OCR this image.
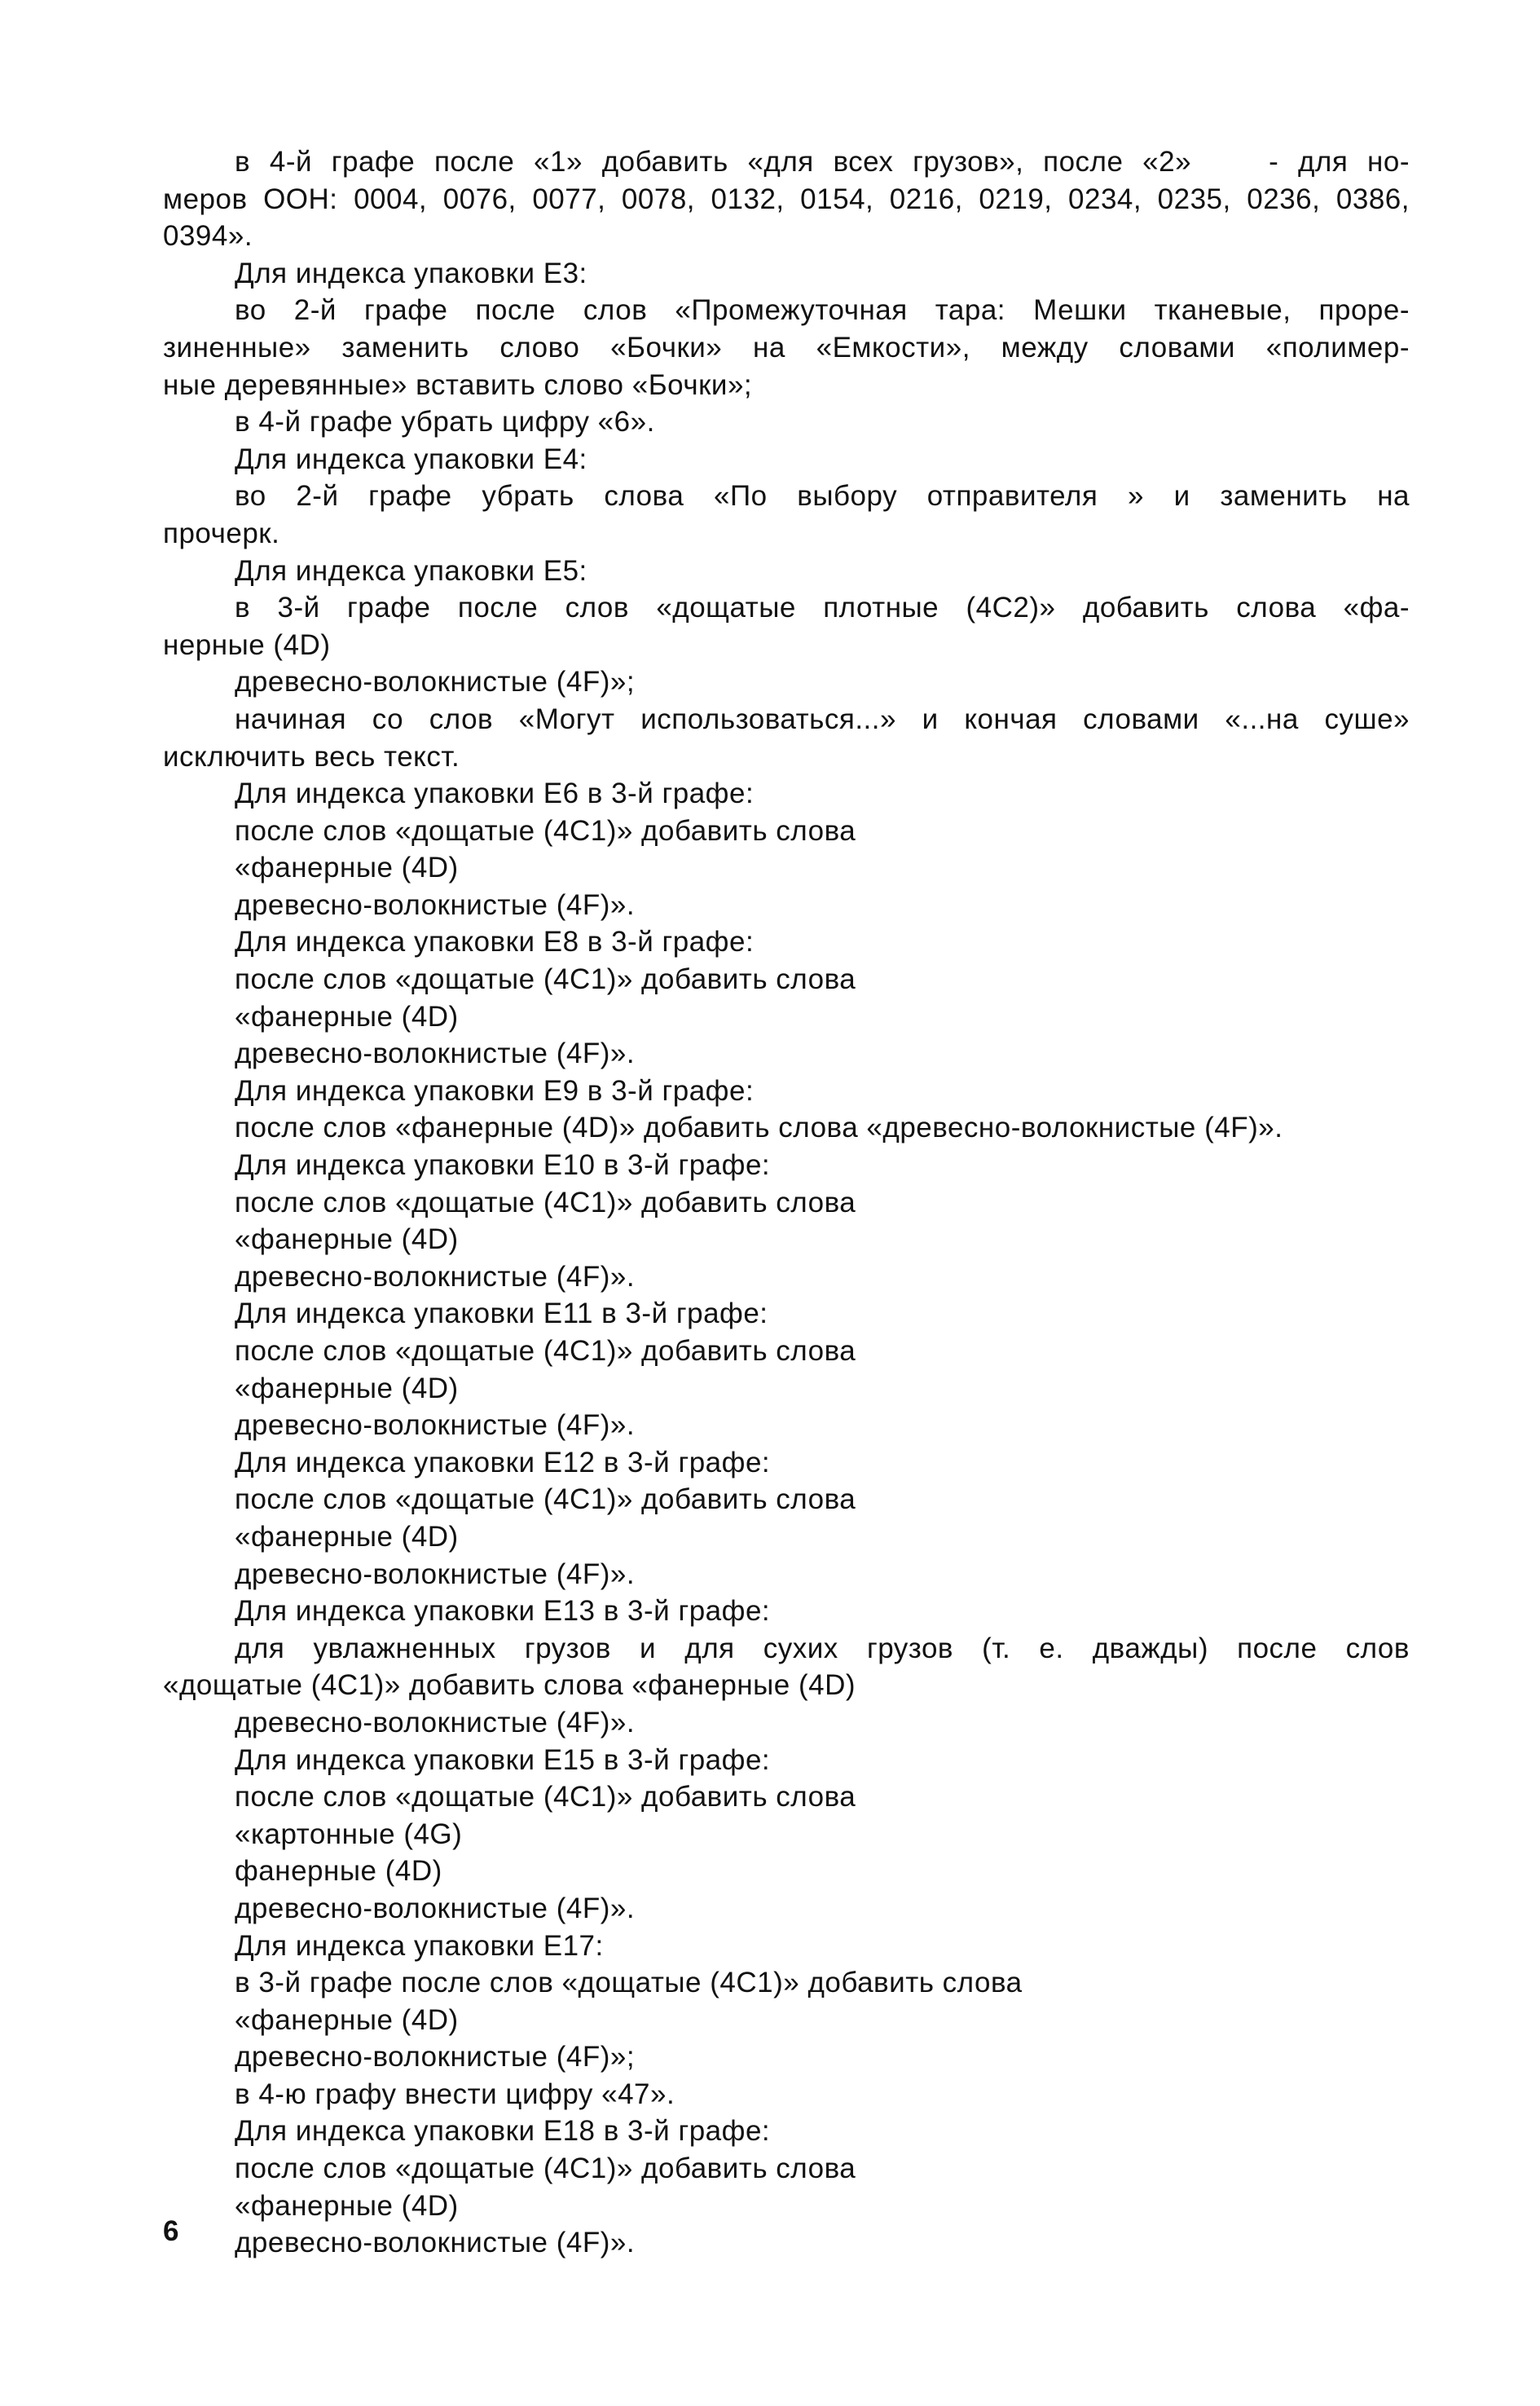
в 4-й графе после «1» добавить «для всех грузов», после «2»    - для но-
меров ООН: 0004, 0076, 0077, 0078, 0132, 0154, 0216, 0219, 0234, 0235, 0236, 0386,
0394».
Для индекса упаковки Е3:
во 2-й графе после слов «Промежуточная тара: Мешки тканевые, прорe-
зиненные» заменить слово «Бочки» на «Емкости», между словами «полимер-
ные деревянные» вставить слово «Бочки»;
в 4-й графе убрать цифру «6».
Для индекса упаковки Е4:
во 2-й графе убрать слова «По выбору отправителя » и заменить на
прочерк.
Для индекса упаковки Е5:
в 3-й графе после слов «дощатые плотные (4С2)» добавить слова «фа-
нерные (4D)
древесно-волокнистые (4F)»;
начиная со слов «Могут использоваться...» и кончая словами «...на суше»
исключить весь текст.
Для индекса упаковки Е6 в 3-й графе:
после слов «дощатые (4С1)» добавить слова
«фанерные (4D)
древесно-волокнистые (4F)».
Для индекса упаковки Е8 в 3-й графе:
после слов «дощатые (4С1)» добавить слова
«фанерные (4D)
древесно-волокнистые (4F)».
Для индекса упаковки Е9 в 3-й графе:
после слов «фанерные (4D)» добавить слова «древесно-волокнистые (4F)».
Для индекса упаковки Е10 в 3-й графе:
после слов «дощатые (4С1)» добавить слова
«фанерные (4D)
древесно-волокнистые (4F)».
Для индекса упаковки Е11 в 3-й графе:
после слов «дощатые (4С1)» добавить слова
«фанерные (4D)
древесно-волокнистые (4F)».
Для индекса упаковки Е12 в 3-й графе:
после слов «дощатые (4С1)» добавить слова
«фанерные (4D)
древесно-волокнистые (4F)».
Для индекса упаковки Е13 в 3-й графе:
для увлажненных грузов и для сухих грузов (т. е. дважды) после слов
«дощатые (4С1)» добавить слова «фанерные (4D)
древесно-волокнистые (4F)».
Для индекса упаковки Е15 в 3-й графе:
после слов «дощатые (4С1)» добавить слова
«картонные (4G)
фанерные (4D)
древесно-волокнистые (4F)».
Для индекса упаковки Е17:
в 3-й графе после слов «дощатые (4С1)» добавить слова
«фанерные (4D)
древесно-волокнистые (4F)»;
в 4-ю графу внести цифру «47».
Для индекса упаковки Е18 в 3-й графе:
после слов «дощатые (4С1)» добавить слова
«фанерные (4D)
древесно-волокнистые (4F)».
6
